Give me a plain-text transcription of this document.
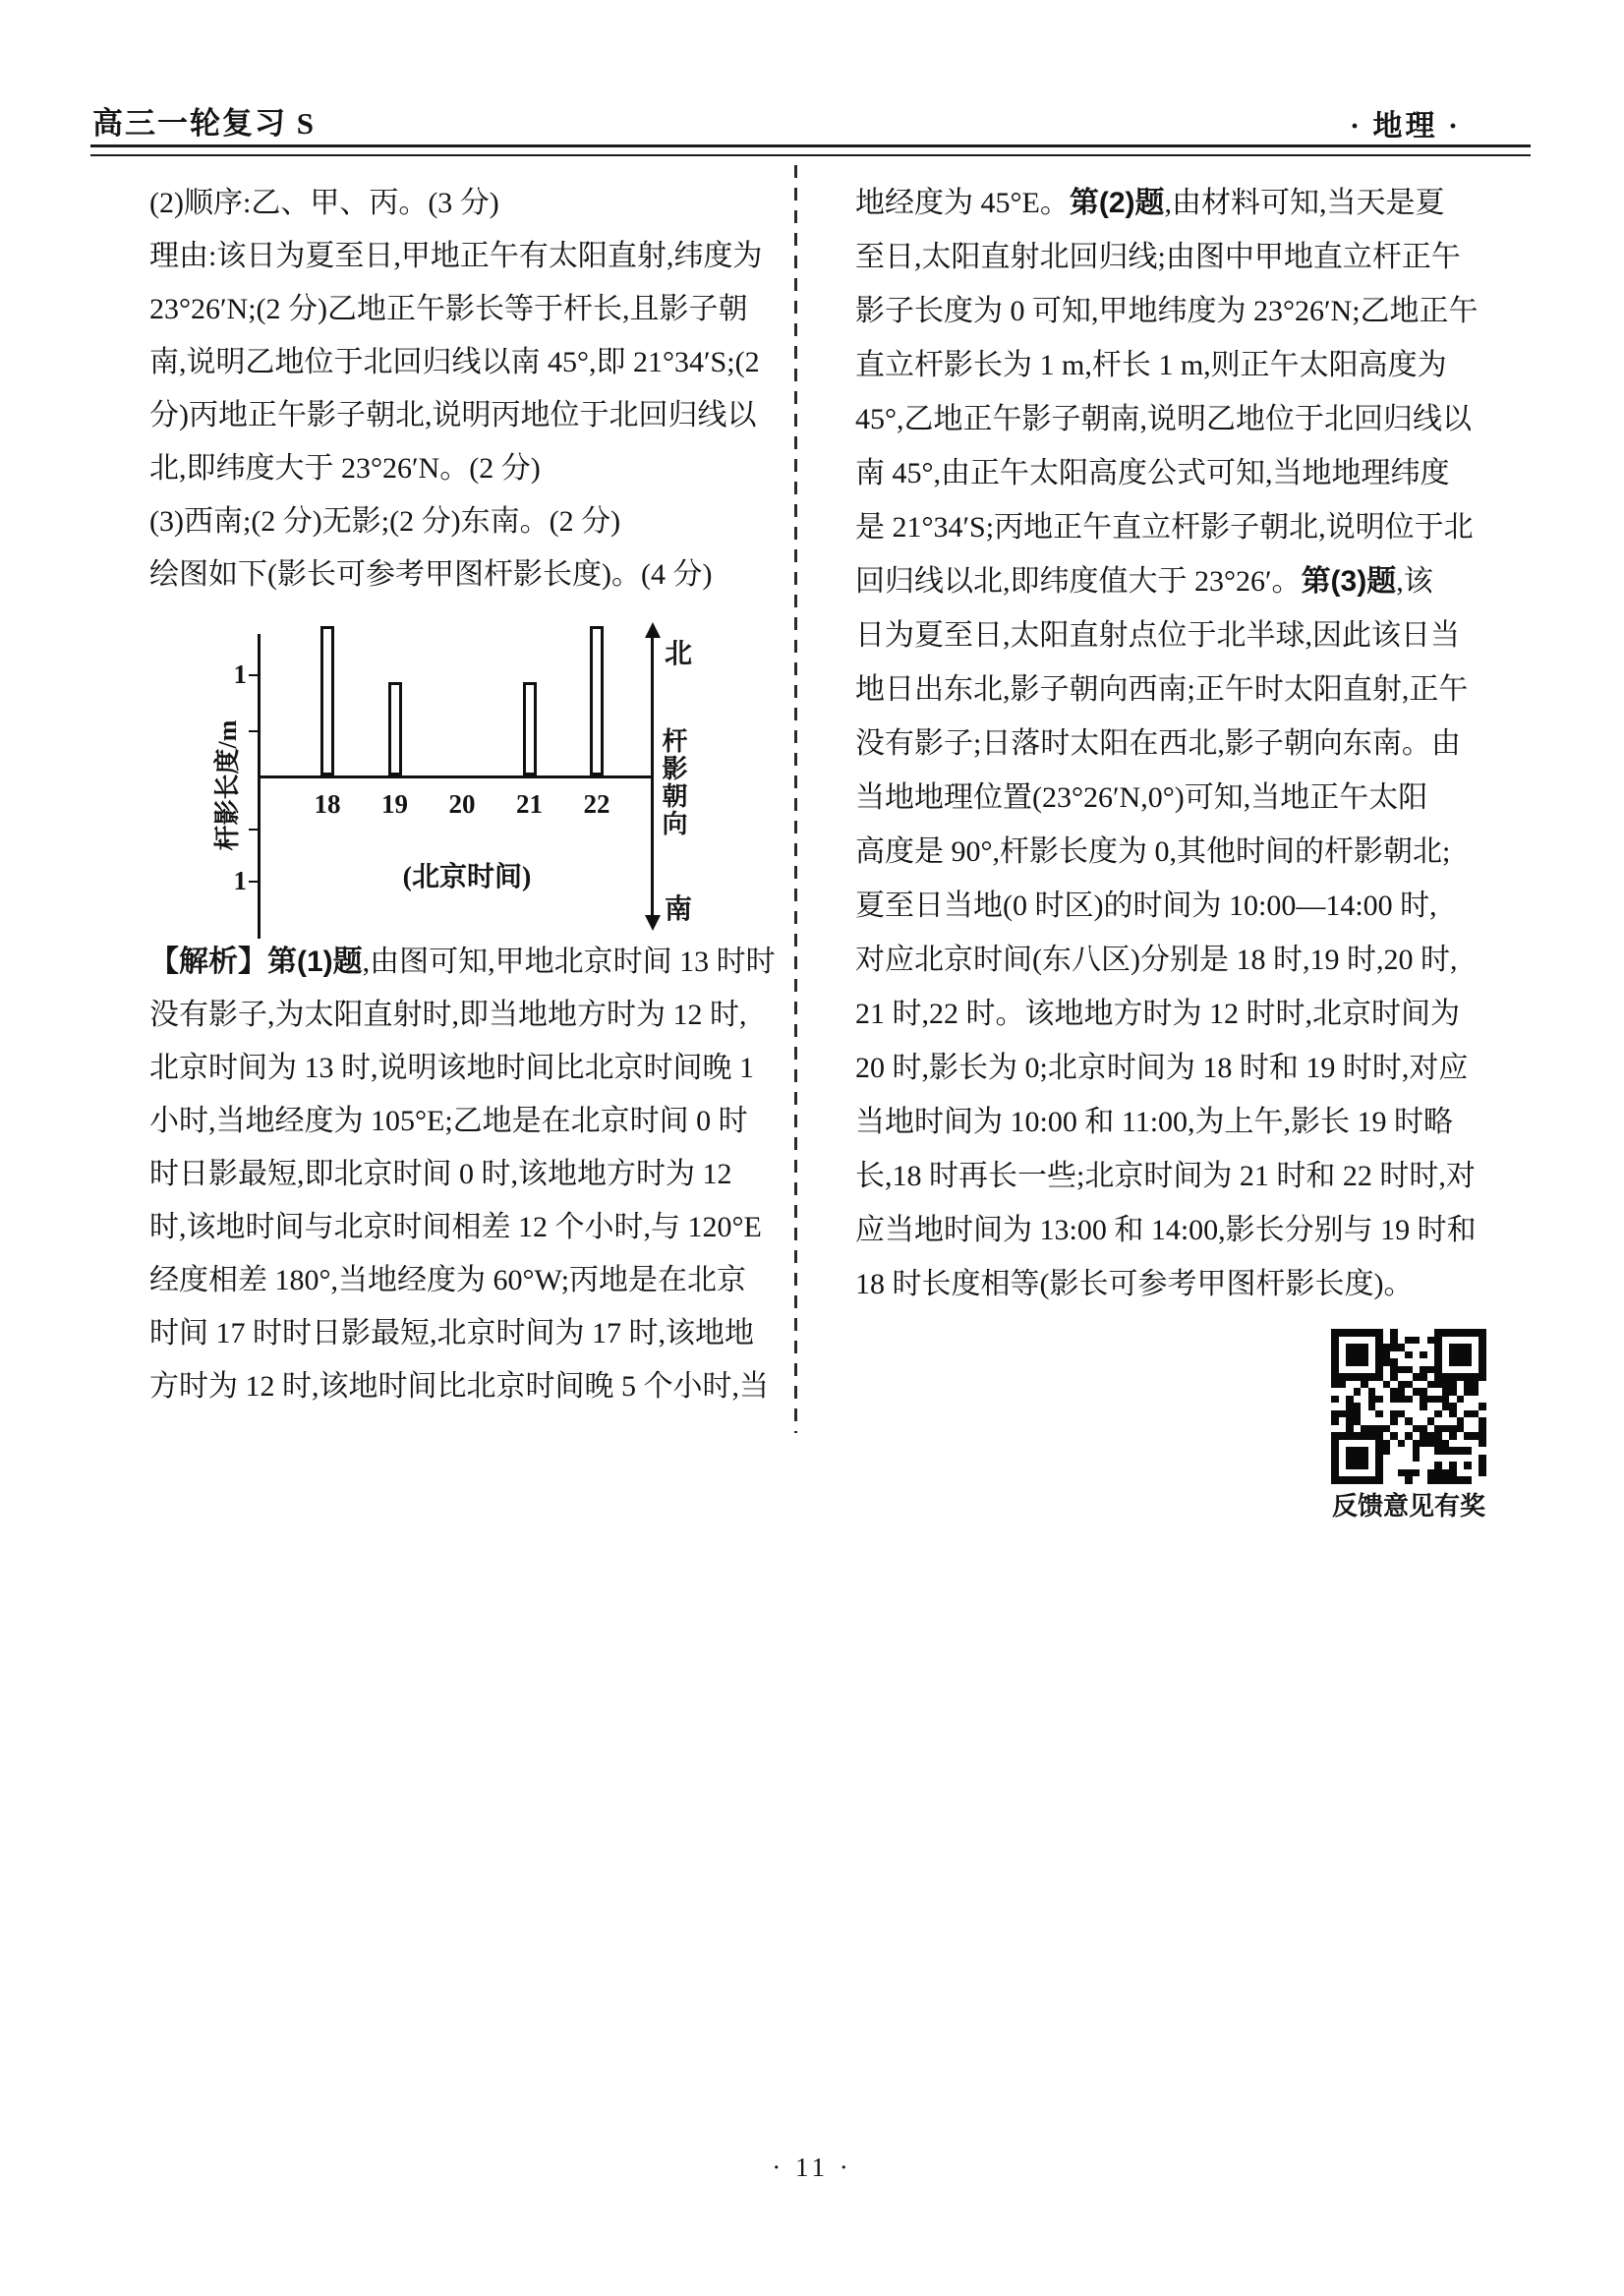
高三一轮复习 S	· 地理 ·
(2)顺序:乙、甲、丙。(3 分)
理由:该日为夏至日,甲地正午有太阳直射,纬度为
23°26′N;(2 分)乙地正午影长等于杆长,且影子朝
南,说明乙地位于北回归线以南 45°,即 21°34′S;(2
分)丙地正午影子朝北,说明丙地位于北回归线以
北,即纬度大于 23°26′N。(2 分)
(3)西南;(2 分)无影;(2 分)东南。(2 分)
绘图如下(影长可参考甲图杆影长度)。(4 分)
1
1
杆影长度/m	18	19	20	21	22
(北京时间)
北
南
杆影朝向
【解析】第(1)题,由图可知,甲地北京时间 13 时时
没有影子,为太阳直射时,即当地地方时为 12 时,
北京时间为 13 时,说明该地时间比北京时间晚 1
小时,当地经度为 105°E;乙地是在北京时间 0 时
时日影最短,即北京时间 0 时,该地地方时为 12
时,该地时间与北京时间相差 12 个小时,与 120°E
经度相差 180°,当地经度为 60°W;丙地是在北京
时间 17 时时日影最短,北京时间为 17 时,该地地
方时为 12 时,该地时间比北京时间晚 5 个小时,当
地经度为 45°E。第(2)题,由材料可知,当天是夏
至日,太阳直射北回归线;由图中甲地直立杆正午
影子长度为 0 可知,甲地纬度为 23°26′N;乙地正午
直立杆影长为 1 m,杆长 1 m,则正午太阳高度为
45°,乙地正午影子朝南,说明乙地位于北回归线以
南 45°,由正午太阳高度公式可知,当地地理纬度
是 21°34′S;丙地正午直立杆影子朝北,说明位于北
回归线以北,即纬度值大于 23°26′。第(3)题,该
日为夏至日,太阳直射点位于北半球,因此该日当
地日出东北,影子朝向西南;正午时太阳直射,正午
没有影子;日落时太阳在西北,影子朝向东南。由
当地地理位置(23°26′N,0°)可知,当地正午太阳
高度是 90°,杆影长度为 0,其他时间的杆影朝北;
夏至日当地(0 时区)的时间为 10:00—14:00 时,
对应北京时间(东八区)分别是 18 时,19 时,20 时,
21 时,22 时。该地地方时为 12 时时,北京时间为
20 时,影长为 0;北京时间为 18 时和 19 时时,对应
当地时间为 10:00 和 11:00,为上午,影长 19 时略
长,18 时再长一些;北京时间为 21 时和 22 时时,对
应当地时间为 13:00 和 14:00,影长分别与 19 时和
18 时长度相等(影长可参考甲图杆影长度)。
反馈意见有奖
· 11 ·
